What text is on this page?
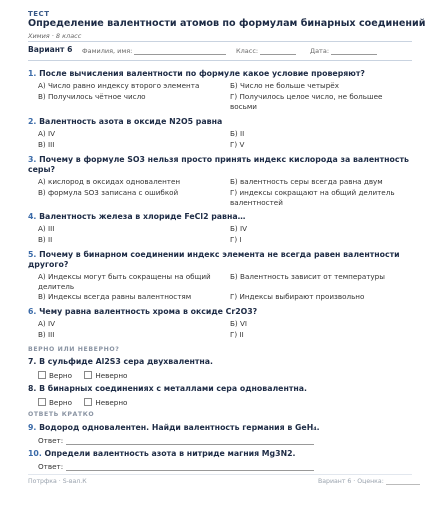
ТЕСТ
Определение валентности атомов по формулам бинарных соединений
Химия · 8 класс
Вариант 6 Фамилия, имя:	Класс:	Дата:
1. После вычисления валентности по формуле какое условие проверяют?
А) Число равно индексу второго элемента	Б) Число не больше четырёх
В) Получилось чётное число	Г) Получилось целое число, не большее восьми
2. Валентность азота в оксиде N2O5 равна
А) IV	Б) II
В) III	Г) V
3. Почему в формуле SO3 нельзя просто принять индекс кислорода за валентность серы?
А) кислород в оксидах одновалентен	Б) валентность серы всегда равна двум
В) формула SO3 записана с ошибкой	Г) индексы сокращают на общий делитель валентностей
4. Валентность железа в хлориде FeCl2 равна…
А) III	Б) IV
В) II	Г) I
5. Почему в бинарном соединении индекс элемента не всегда равен валентности другого?
А) Индексы могут быть сокращены на общий делитель
Б) Валентность зависит от температуры
В) Индексы всегда равны валентностям	Г) Индексы выбирают произвольно
6. Чему равна валентность хрома в оксиде Cr2O3?
А) IV	Б) VI
В) III	Г) II
ВЕРНО ИЛИ НЕВЕРНО?
7. В сульфиде Al2S3 сера двухвалентна.
Верно	Неверно
8. В бинарных соединениях с металлами сера одновалентна.
Верно	Неверно
ОТВЕТЬ КРАТКО
9. Водород одновалентен. Найди валентность германия в GeH₄.
Ответ:
10. Определи валентность азота в нитриде магния Mg3N2.
Ответ:
Потрфка · S-вал.К	Вариант 6 · Оценка:
